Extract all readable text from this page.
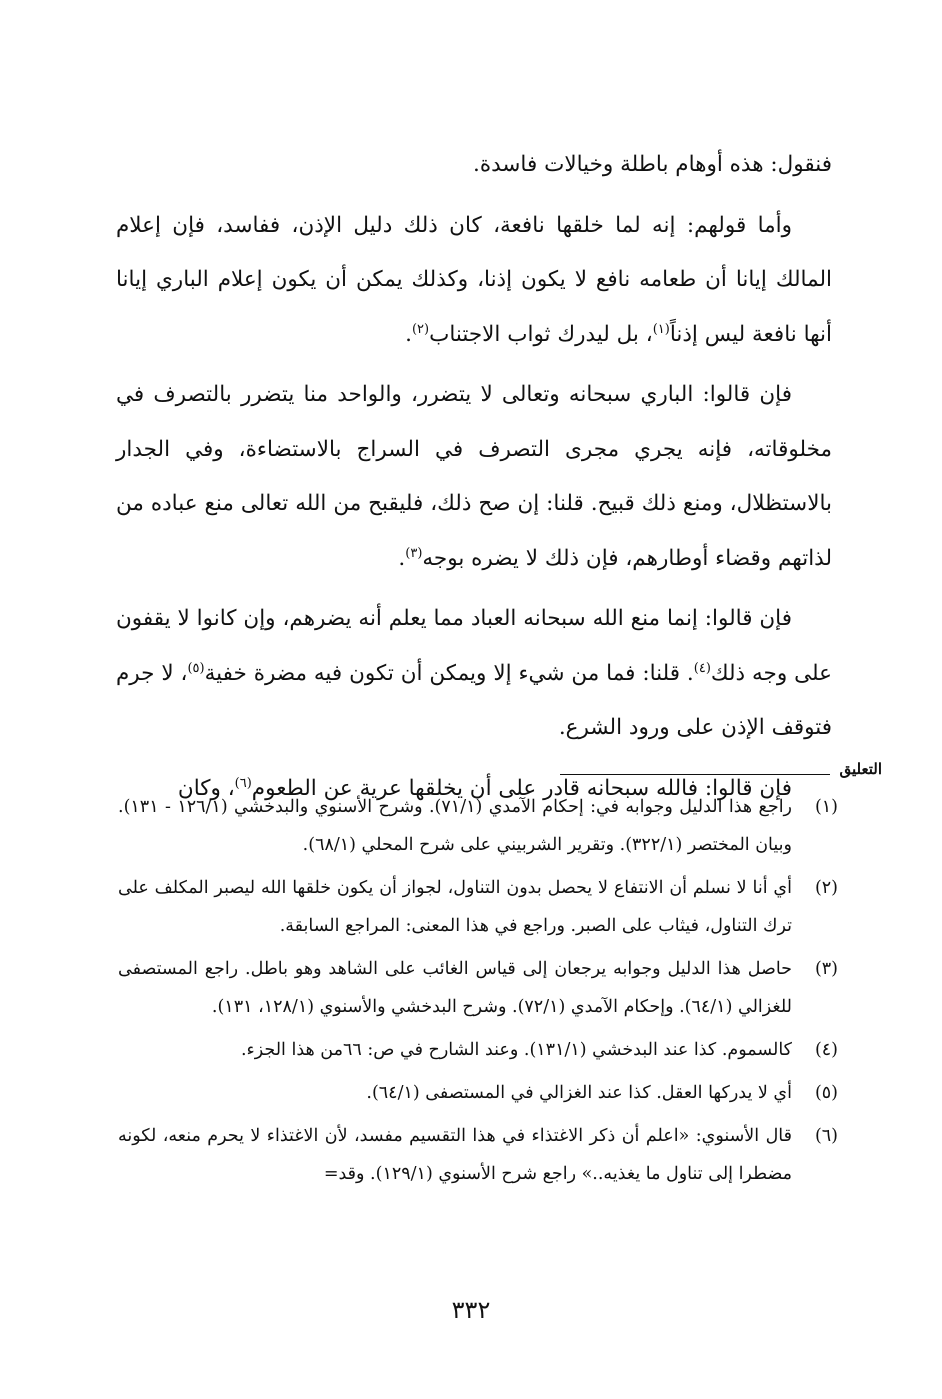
فنقول: هذه أوهام باطلة وخيالات فاسدة.

وأما قولهم: إنه لما خلقها نافعة، كان ذلك دليل الإذن، ففاسد، فإن إعلام المالك إيانا أن طعامه نافع لا يكون إذنا، وكذلك يمكن أن يكون إعلام الباري إيانا أنها نافعة ليس إذناً$^{(١)}$، بل ليدرك ثواب الاجتناب$^{(٢)}$.

فإن قالوا: الباري سبحانه وتعالى لا يتضرر، والواحد منا يتضرر بالتصرف في مخلوقاته، فإنه يجري مجرى التصرف في السراج بالاستضاءة، وفي الجدار بالاستظلال، ومنع ذلك قبيح. قلنا: إن صح ذلك، فليقبح من الله تعالى منع عباده من لذاتهم وقضاء أوطارهم، فإن ذلك لا يضره بوجه$^{(٣)}$.

فإن قالوا: إنما منع الله سبحانه العباد مما يعلم أنه يضرهم، وإن كانوا لا يقفون على وجه ذلك$^{(٤)}$. قلنا: فما من شيء إلا ويمكن أن تكون فيه مضرة خفية$^{(٥)}$، لا جرم فتوقف الإذن على ورود الشرع.

فإن قالوا: فالله سبحانه قادر على أن يخلقها عرية عن الطعوم$^{(٦)}$، وكان

التعليق
(١)
راجع هذا الدليل وجوابه في: إحكام الآمدي (٧١/١). وشرح الأسنوي والبدخشي (١٢٦/١ - ١٣١). وبيان المختصر (٣٢٢/١). وتقرير الشربيني على شرح المحلي (٦٨/١).
(٢)
أي أنا لا نسلم أن الانتفاع لا يحصل بدون التناول، لجواز أن يكون خلقها الله ليصبر المكلف على ترك التناول، فيثاب على الصبر. وراجع في هذا المعنى: المراجع السابقة.
(٣)
حاصل هذا الدليل وجوابه يرجعان إلى قياس الغائب على الشاهد وهو باطل. راجع المستصفى للغزالي (٦٤/١). وإحكام الآمدي (٧٢/١). وشرح البدخشي والأسنوي (١٢٨/١، ١٣١).
(٤)
كالسموم. كذا عند البدخشي (١٣١/١). وعند الشارح في ص: ٦٦من هذا الجزء.
(٥)
أي لا يدركها العقل. كذا عند الغزالي في المستصفى (٦٤/١).
(٦)
قال الأسنوي: «اعلم أن ذكر الاغتذاء في هذا التقسيم مفسد، لأن الاغتذاء لا يحرم منعه، لكونه مضطرا إلى تناول ما يغذيه..» راجع شرح الأسنوي (١٢٩/١). وقد=
٣٣٢
